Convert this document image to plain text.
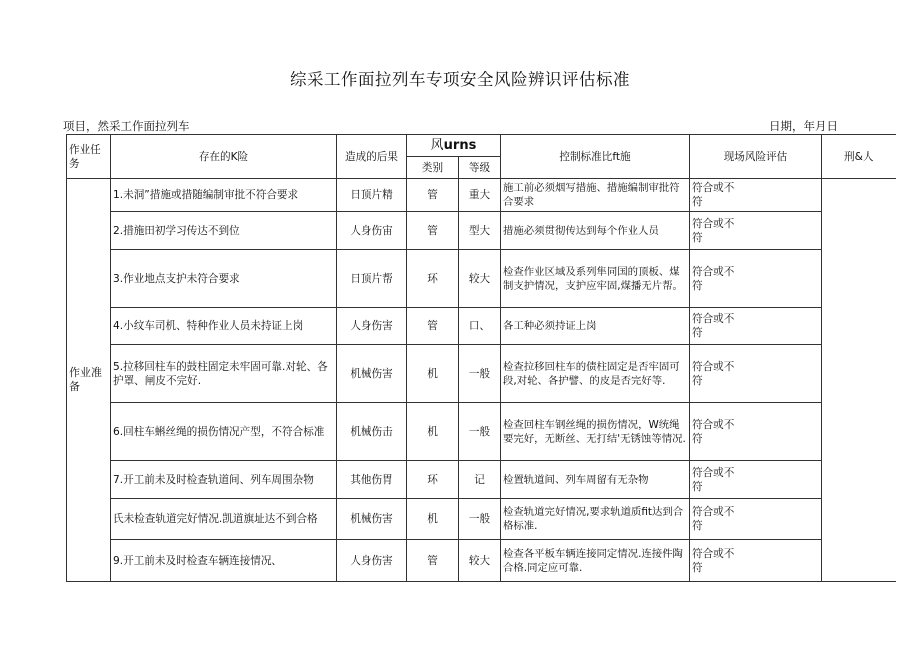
综采工作面拉列车专项安全风险辨识评估标准
项目，然采工作面拉列车	日期，年月日
作业任务	存在的K险	造成的后果	风urns		控制标准比ft施	现场风险评估	刑&人
			类别	等级			
作业准备	1.未洞”措施或措随编制审批不符合要求	日顶片精	管	重大	施工前必须烟写措施、措施编制审批符合要求	符合或不符	

	2.措施田初学习传达不到位	人身伤宙	管	型大	措施必须贯彻传达到每个作业人员	符合或不符	

	3.作业地点支护未符合要求	日顶片帮	环	较大	检查作业区域及系列隼同国的顶板、煤制支护情况，支护应牢固,煤播无片帮。	符合或不符	

	4.小纹车司机、特种作业人员未持证上岗	人身伤害	管	口、	各工种必须持证上岗	符合或不符	

	5.拉移回柱车的鼓柱固定未牢固可靠.对轮、各护罩、闸皮不完好.	机械伤害	机	一般	检查拉移回柱车的债柱固定是否牢固可段,对轮、各护譬、的皮是否完好等.	符合或不符	

	6.回柱车蝌丝绳的损伤情况产型，不符合标准	机械伤击	机	一般	检查回柱车钢丝绳的损伤情况，W统绳要完好，无断丝、无打结'无锈蚀等情况.	符合或不符	

	7.开工前未及时检查轨道间、列车周围杂物	其他伤胃	环	记	检置轨道间、列车周留有无杂物	符合或不符	

	氏未检查轨道完好情况.凯道旗址达不到合格	机械伤害	机	一般	检查轨道完好情况,要求轨道质fit达到合格标准.	符合或不符	

	9.开工前未及时检查车辆连接情况、	人身伤害	管	较大	检查各平板车辆连接同定情况.连接件陶合格.同定应可靠.	符合或不符	
